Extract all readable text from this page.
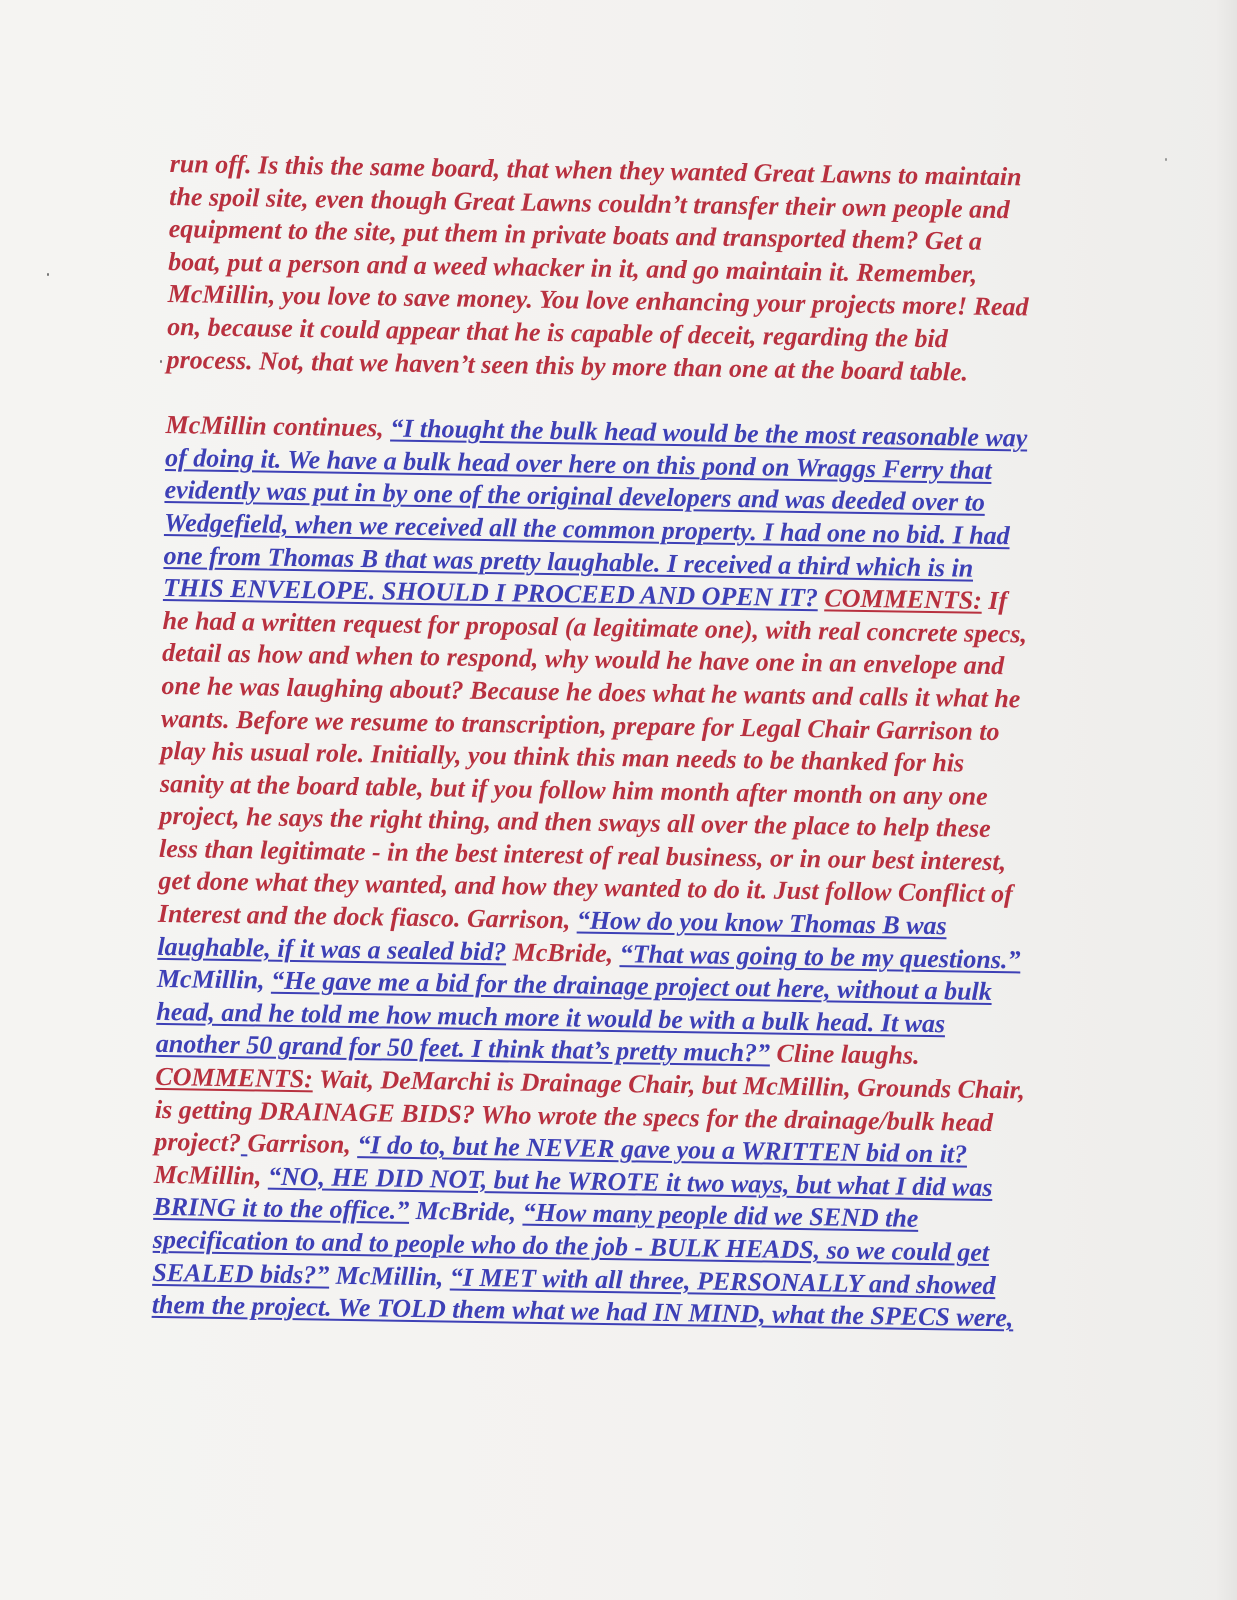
run off. Is this the same board, that when they wanted Great Lawns to maintain the spoil site, even though Great Lawns couldn’t transfer their own people and equipment to the site, put them in private boats and transported them? Get a boat, put a person and a weed whacker in it, and go maintain it. Remember, McMillin, you love to save money. You love enhancing your projects more! Read on, because it could appear that he is capable of deceit, regarding the bid process. Not, that we haven’t seen this by more than one at the board table.

McMillin continues, “I thought the bulk head would be the most reasonable way of doing it. We have a bulk head over here on this pond on Wraggs Ferry that evidently was put in by one of the original developers and was deeded over to Wedgefield, when we received all the common property. I had one no bid. I had one from Thomas B that was pretty laughable. I received a third which is in THIS ENVELOPE. SHOULD I PROCEED AND OPEN IT? COMMENTS: If he had a written request for proposal (a legitimate one), with real concrete specs, detail as how and when to respond, why would he have one in an envelope and one he was laughing about? Because he does what he wants and calls it what he wants. Before we resume to transcription, prepare for Legal Chair Garrison to play his usual role. Initially, you think this man needs to be thanked for his sanity at the board table, but if you follow him month after month on any one project, he says the right thing, and then sways all over the place to help these less than legitimate - in the best interest of real business, or in our best interest, get done what they wanted, and how they wanted to do it. Just follow Conflict of Interest and the dock fiasco. Garrison, “How do you know Thomas B was laughable, if it was a sealed bid? McBride, “That was going to be my questions.” McMillin, “He gave me a bid for the drainage project out here, without a bulk head, and he told me how much more it would be with a bulk head. It was another 50 grand for 50 feet. I think that’s pretty much?” Cline laughs. COMMENTS: Wait, DeMarchi is Drainage Chair, but McMillin, Grounds Chair, is getting DRAINAGE BIDS? Who wrote the specs for the drainage/bulk head project? Garrison, “I do to, but he NEVER gave you a WRITTEN bid on it? McMillin, “NO, HE DID NOT, but he WROTE it two ways, but what I did was BRING it to the office.” McBride, “How many people did we SEND the specification to and to people who do the job - BULK HEADS, so we could get SEALED bids?” McMillin, “I MET with all three, PERSONALLY and showed them the project. We TOLD them what we had IN MIND, what the SPECS were,
